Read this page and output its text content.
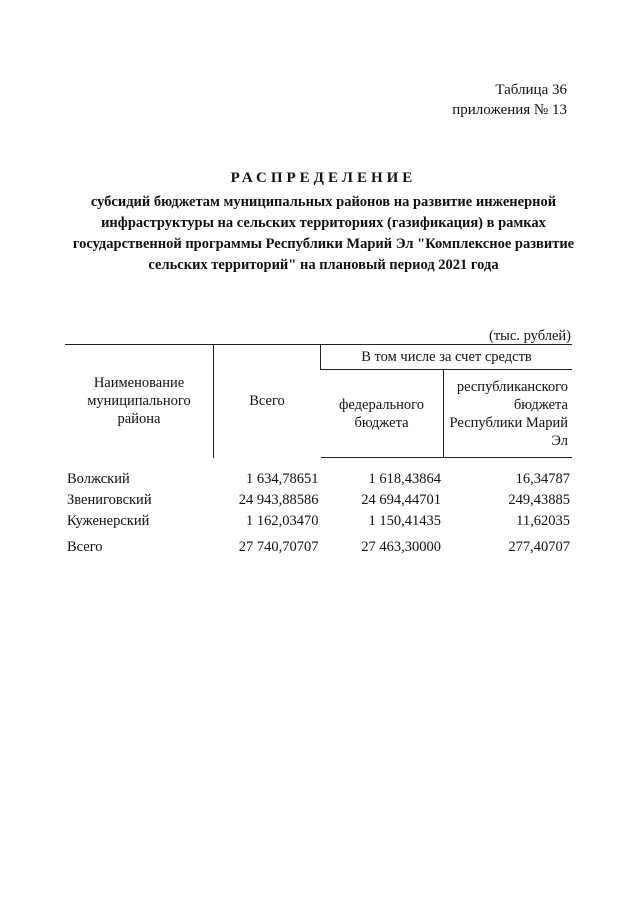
Таблица 36
приложения № 13
РАСПРЕДЕЛЕНИЕ
субсидий бюджетам муниципальных районов на развитие инженерной инфраструктуры на сельских территориях (газификация) в рамках государственной программы Республики Марий Эл "Комплексное развитие сельских территорий" на плановый период 2021 года
(тыс. рублей)
Наименование муниципального района	Всего	В том числе за счет средств	
		федерального бюджета	республиканского бюджета Республики Марий Эл
Волжский	1 634,78651	1 618,43864	16,34787
Звениговский	24 943,88586	24 694,44701	249,43885
Куженерский	1 162,03470	1 150,41435	11,62035
Всего	27 740,70707	27 463,30000	277,40707
